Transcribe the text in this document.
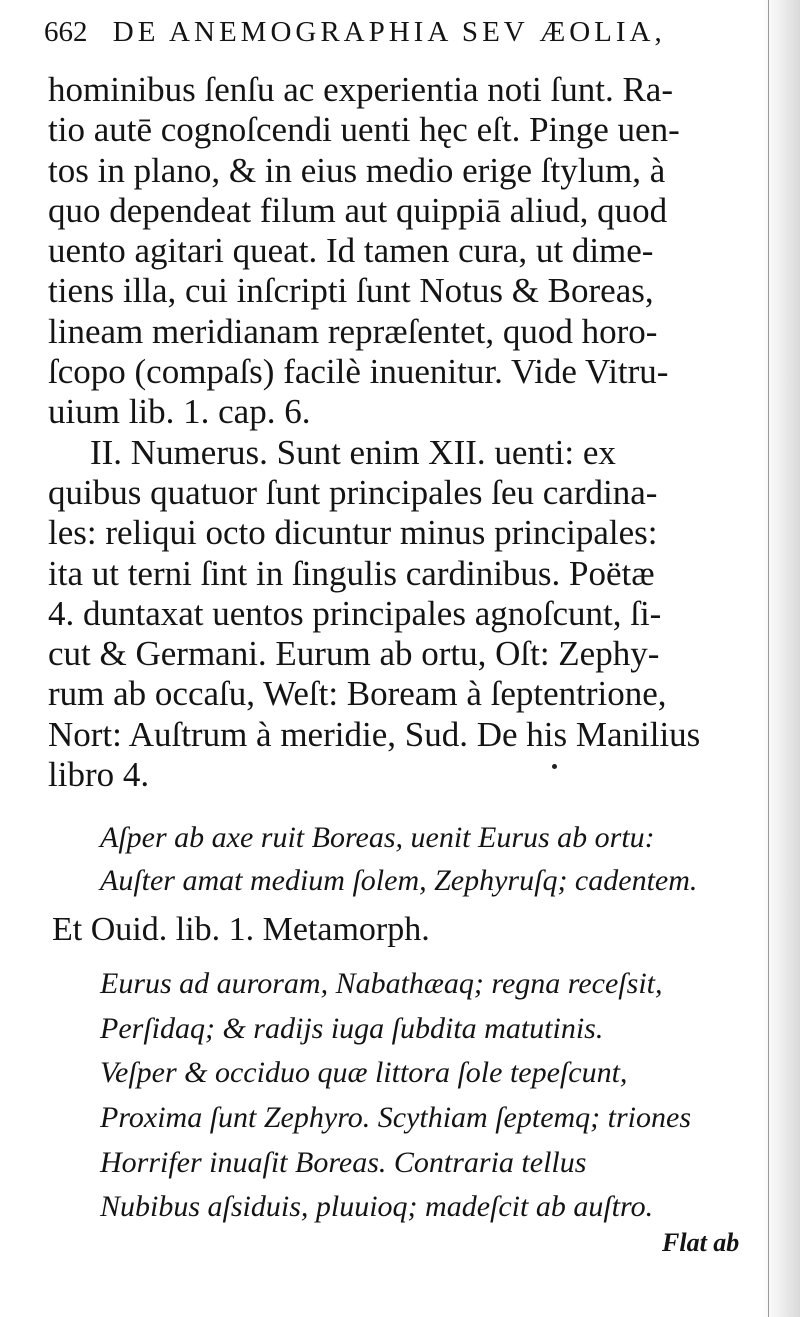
662 DE ANEMOGRAPHIA SEV ÆOLIA,
hominibus ſenſu ac experientia noti ſunt. Ra-
tio autē cognoſcendi uenti hęc eſt. Pinge uen-
tos in plano, & in eius medio erige ſtylum, à
quo dependeat filum aut quippiā aliud, quod
uento agitari queat. Id tamen cura, ut dime-
tiens illa, cui inſcripti ſunt Notus & Boreas,
lineam meridianam repræſentet, quod horo-
ſcopo (compaſs) facilè inuenitur. Vide Vitru-
uium lib. 1. cap. 6.
II. Numerus. Sunt enim XII. uenti: ex
quibus quatuor ſunt principales ſeu cardina-
les: reliqui octo dicuntur minus principales:
ita ut terni ſint in ſingulis cardinibus. Poëtæ
4. duntaxat uentos principales agnoſcunt, ſi-
cut & Germani. Eurum ab ortu, Oſt: Zephy-
rum ab occaſu, Weſt: Boream à ſeptentrione,
Nort: Auſtrum à meridie, Sud. De his Manilius
libro 4.
Aſper ab axe ruit Boreas, uenit Eurus ab ortu:
Auſter amat medium ſolem, Zephyruſq; cadentem.
Et Ouid. lib. 1. Metamorph.
Eurus ad auroram, Nabathæaq; regna receſsit,
Perſidaq; & radijs iuga ſubdita matutinis.
Veſper & occiduo quæ littora ſole tepeſcunt,
Proxima ſunt Zephyro. Scythiam ſeptemq; triones
Horrifer inuaſit Boreas. Contraria tellus
Nubibus aſsiduis, pluuioq; madeſcit ab auſtro.
Flat ab
